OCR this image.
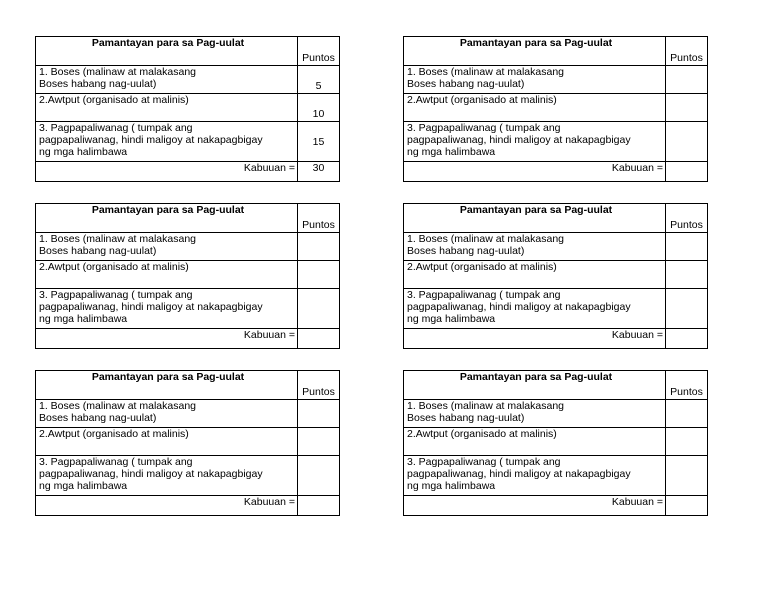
Pamantayan para sa Pag-uulat	Puntos
1. Boses (malinaw at malakasang
Boses habang nag-uulat)	5
2.Awtput (organisado at malinis)	10
3. Pagpapaliwanag ( tumpak ang
pagpapaliwanag, hindi maligoy at nakapagbigay
ng mga halimbawa	15
Kabuuan =	30
Pamantayan para sa Pag-uulat	Puntos
1. Boses (malinaw at malakasang
Boses habang nag-uulat)	
2.Awtput (organisado at malinis)	
3. Pagpapaliwanag ( tumpak ang
pagpapaliwanag, hindi maligoy at nakapagbigay
ng mga halimbawa	
Kabuuan =	
Pamantayan para sa Pag-uulat	Puntos
1. Boses (malinaw at malakasang
Boses habang nag-uulat)	
2.Awtput (organisado at malinis)	
3. Pagpapaliwanag ( tumpak ang
pagpapaliwanag, hindi maligoy at nakapagbigay
ng mga halimbawa	
Kabuuan =	
Pamantayan para sa Pag-uulat	Puntos
1. Boses (malinaw at malakasang
Boses habang nag-uulat)	
2.Awtput (organisado at malinis)	
3. Pagpapaliwanag ( tumpak ang
pagpapaliwanag, hindi maligoy at nakapagbigay
ng mga halimbawa	
Kabuuan =	
Pamantayan para sa Pag-uulat	Puntos
1. Boses (malinaw at malakasang
Boses habang nag-uulat)	
2.Awtput (organisado at malinis)	
3. Pagpapaliwanag ( tumpak ang
pagpapaliwanag, hindi maligoy at nakapagbigay
ng mga halimbawa	
Kabuuan =	
Pamantayan para sa Pag-uulat	Puntos
1. Boses (malinaw at malakasang
Boses habang nag-uulat)	
2.Awtput (organisado at malinis)	
3. Pagpapaliwanag ( tumpak ang
pagpapaliwanag, hindi maligoy at nakapagbigay
ng mga halimbawa	
Kabuuan =	
